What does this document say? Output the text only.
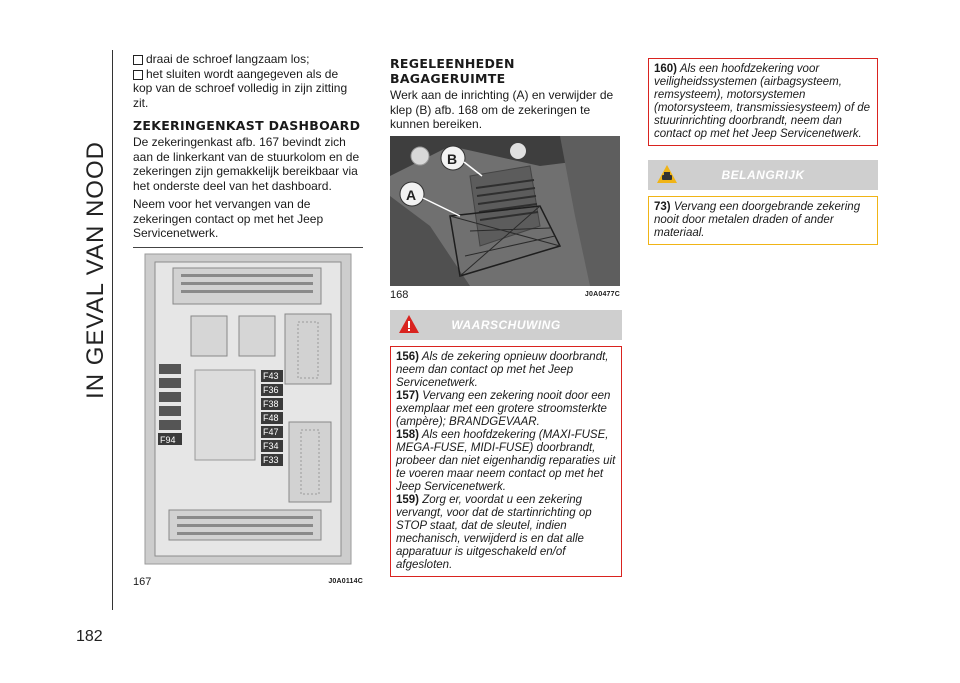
IN GEVAL VAN NOOD
182
draai de schroef langzaam los;
het sluiten wordt aangegeven als de
kop van de schroef volledig in zijn zitting zit.
ZEKERINGENKAST DASHBOARD

De zekeringenkast afb. 167 bevindt zich aan de linkerkant van de stuurkolom en de zekeringen zijn gemakkelijk bereikbaar via het onderste deel van het dashboard.

Neem voor het vervangen van de zekeringen contact op met het Jeep Servicenetwerk.

F94
F43
F36
F38
F48
F47
F34
F33
167	J0A0114C
REGELEENHEDEN BAGAGERUIMTE

Werk aan de inrichting (A) en verwijder de klep (B) afb. 168 om de zekeringen te kunnen bereiken.

B
A
168	J0A0477C
WAARSCHUWING
156) Als de zekering opnieuw doorbrandt, neem dan contact op met het Jeep Servicenetwerk.
157) Vervang een zekering nooit door een exemplaar met een grotere stroomsterkte (ampère); BRANDGEVAAR.
158) Als een hoofdzekering (MAXI-FUSE, MEGA-FUSE, MIDI-FUSE) doorbrandt, probeer dan niet eigenhandig reparaties uit te voeren maar neem contact op met het Jeep Servicenetwerk.
159) Zorg er, voordat u een zekering vervangt, voor dat de startinrichting op STOP staat, dat de sleutel, indien mechanisch, verwijderd is en dat alle apparatuur is uitgeschakeld en/of afgesloten.
160) Als een hoofdzekering voor veiligheidssystemen (airbagsysteem, remsysteem), motorsystemen (motorsysteem, transmissiesysteem) of de stuurinrichting doorbrandt, neem dan contact op met het Jeep Servicenetwerk.
BELANGRIJK
73) Vervang een doorgebrande zekering nooit door metalen draden of ander materiaal.
